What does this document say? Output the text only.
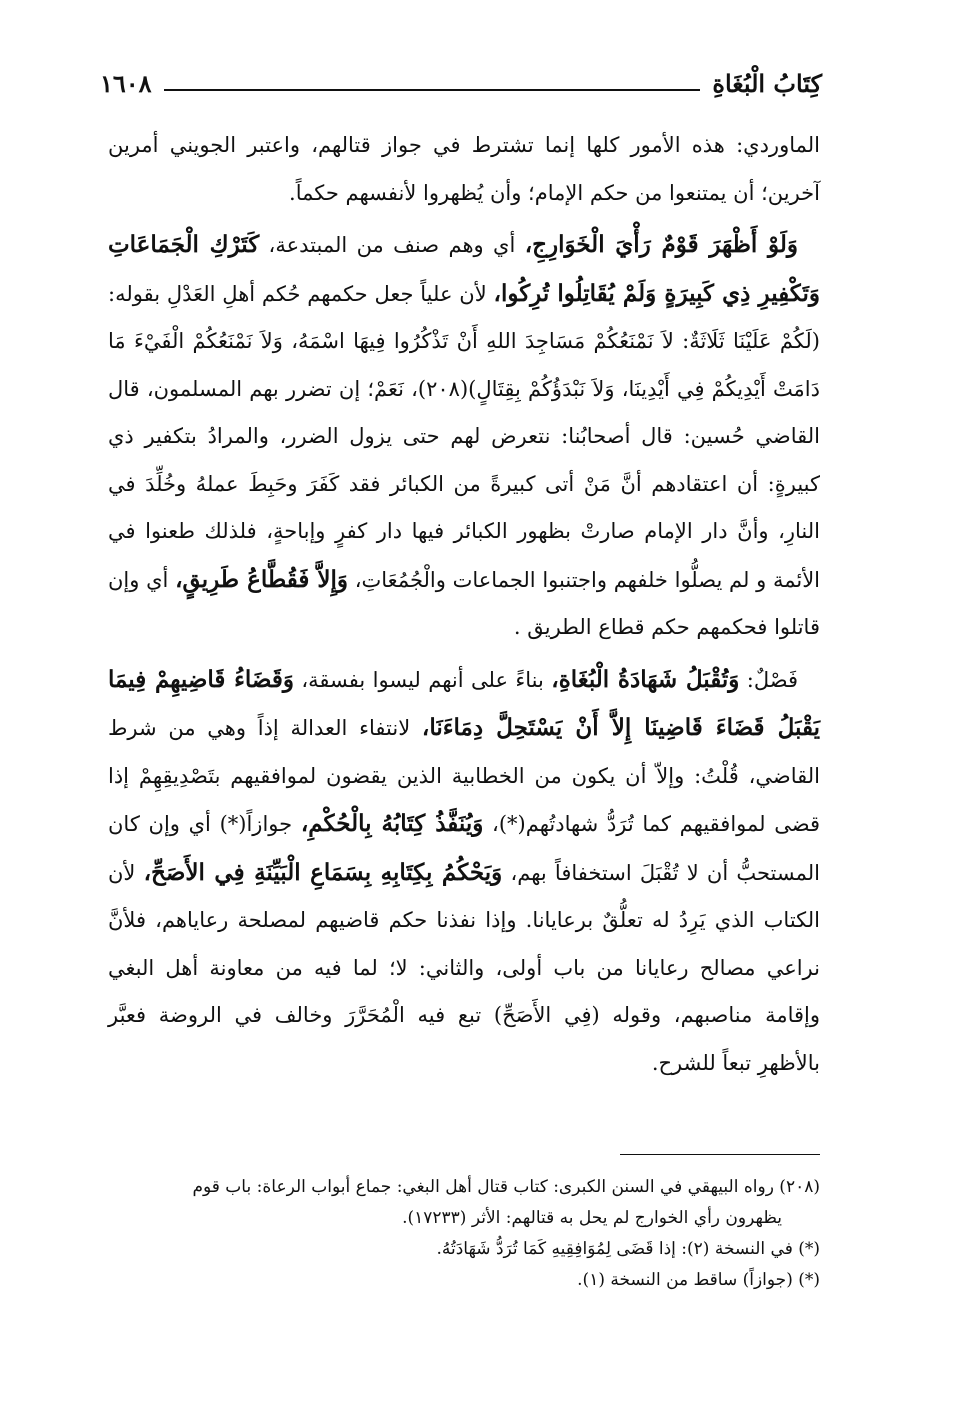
كِتَابُ الْبُغَاةِ
١٦٠٨

الماوردي: هذه الأمور كلها إنما تشترط في جواز قتالهم، واعتبر الجويني أمرين آخرين؛ أن يمتنعوا من حكم الإمام؛ وأن يُظهروا لأنفسهم حكماً.

وَلَوْ أَظْهَرَ قَوْمٌ رَأْيَ الْخَوَارِجِ، أي وهم صنف من المبتدعة، كَتَرْكِ الْجَمَاعَاتِ وَتَكْفِيرِ ذِي كَبِيرَةٍ وَلَمْ يُقَاتِلُوا تُرِكُوا، لأن علياً جعل حكمهم حُكم أهلِ العَدْلِ بقوله:(لَكُمْ عَلَيْنَا ثَلَاثَةٌ: لاَ نَمْنَعُكُمْ مَسَاجِدَ اللهِ أَنْ تَذْكُرُوا فِيهَا اسْمَهُ، وَلاَ نَمْنَعُكُمْ الْفَيْءَ مَا دَامَتْ أَيْدِيكُمْ فِي أَيْدِينَا، وَلاَ نَبْدَؤُكُمْ بِقِتَالٍ)(٢٠٨)، نَعَمْ؛ إن تضرر بهم المسلمون، قال القاضي حُسين: قال أصحابُنا: نتعرض لهم حتى يزول الضرر، والمرادُ بتكفير ذي كبيرةٍ: أن اعتقادهم أنَّ مَنْ أتى كبيرةً من الكبائر فقد كَفَرَ وحَبِطَ عملهُ وخُلِّدَ في النارِ، وأنَّ دار الإمام صارتْ بظهور الكبائر فيها دار كفرٍ وإباحةٍ، فلذلك طعنوا في الأئمة و لم يصلُّوا خلفهم واجتنبوا الجماعات والْجُمُعَاتِ، وَإِلاَّ فَقُطَّاعُ طَرِيقٍ، أي وإن قاتلوا فحكمهم حكم قطاع الطريق .

فَصْلٌ: وَتُقْبَلُ شَهَادَةُ الْبُغَاةِ، بناءً على أنهم ليسوا بفسقة، وَقَضَاءُ قَاضِيهِمْ فِيمَا يَقْبَلُ قَضَاءَ قَاضِينَا إِلاَّ أَنْ يَسْتَحِلَّ دِمَاءَنَا، لانتفاء العدالة إذاً وهي من شرط القاضي، قُلْتُ: وإلاّ أن يكون من الخطابية الذين يقضون لموافقيهم بتَصْدِيقِهِمْ إذا قضى لموافقيهم كما تُرَدُّ شهادتُهم(*)، وَيُنَفَّذُ كِتَابُهُ بِالْحُكْمِ، جوازاً(*) أي وإن كان المستحبُّ أن لا تُقْبَلَ استخفافاً بهم، وَيَحْكُمُ بِكِتَابِهِ بِسَمَاعِ الْبَيِّنَةِ فِي الأَصَحِّ، لأن الكتاب الذي يَرِدُ له تعلُّقٌ برعايانا. وإذا نفذنا حكم قاضيهم لمصلحة رعاياهم، فلأنَّ نراعي مصالح رعايانا من باب أولى، والثاني: لا؛ لما فيه من معاونة أهل البغي وإقامة مناصبهم، وقوله (فِي الأَصَحِّ) تبع فيه الْمُحَرَّرَ وخالف في الروضة فعبَّر بالأظهرِ تبعاً للشرح.

(٢٠٨) رواه البيهقي في السنن الكبرى: كتاب قتال أهل البغي: جماع أبواب الرعاة: باب قوم

يظهرون رأي الخوارج لم يحل به قتالهم: الأثر (١٧٢٣٣).

(*) في النسخة (٢): إذا قَضَى لِمُوَافِقِيهِ كَمَا تُرَدُّ شَهَادَتُهُ.

(*) (جوازاً) ساقط من النسخة (١).
